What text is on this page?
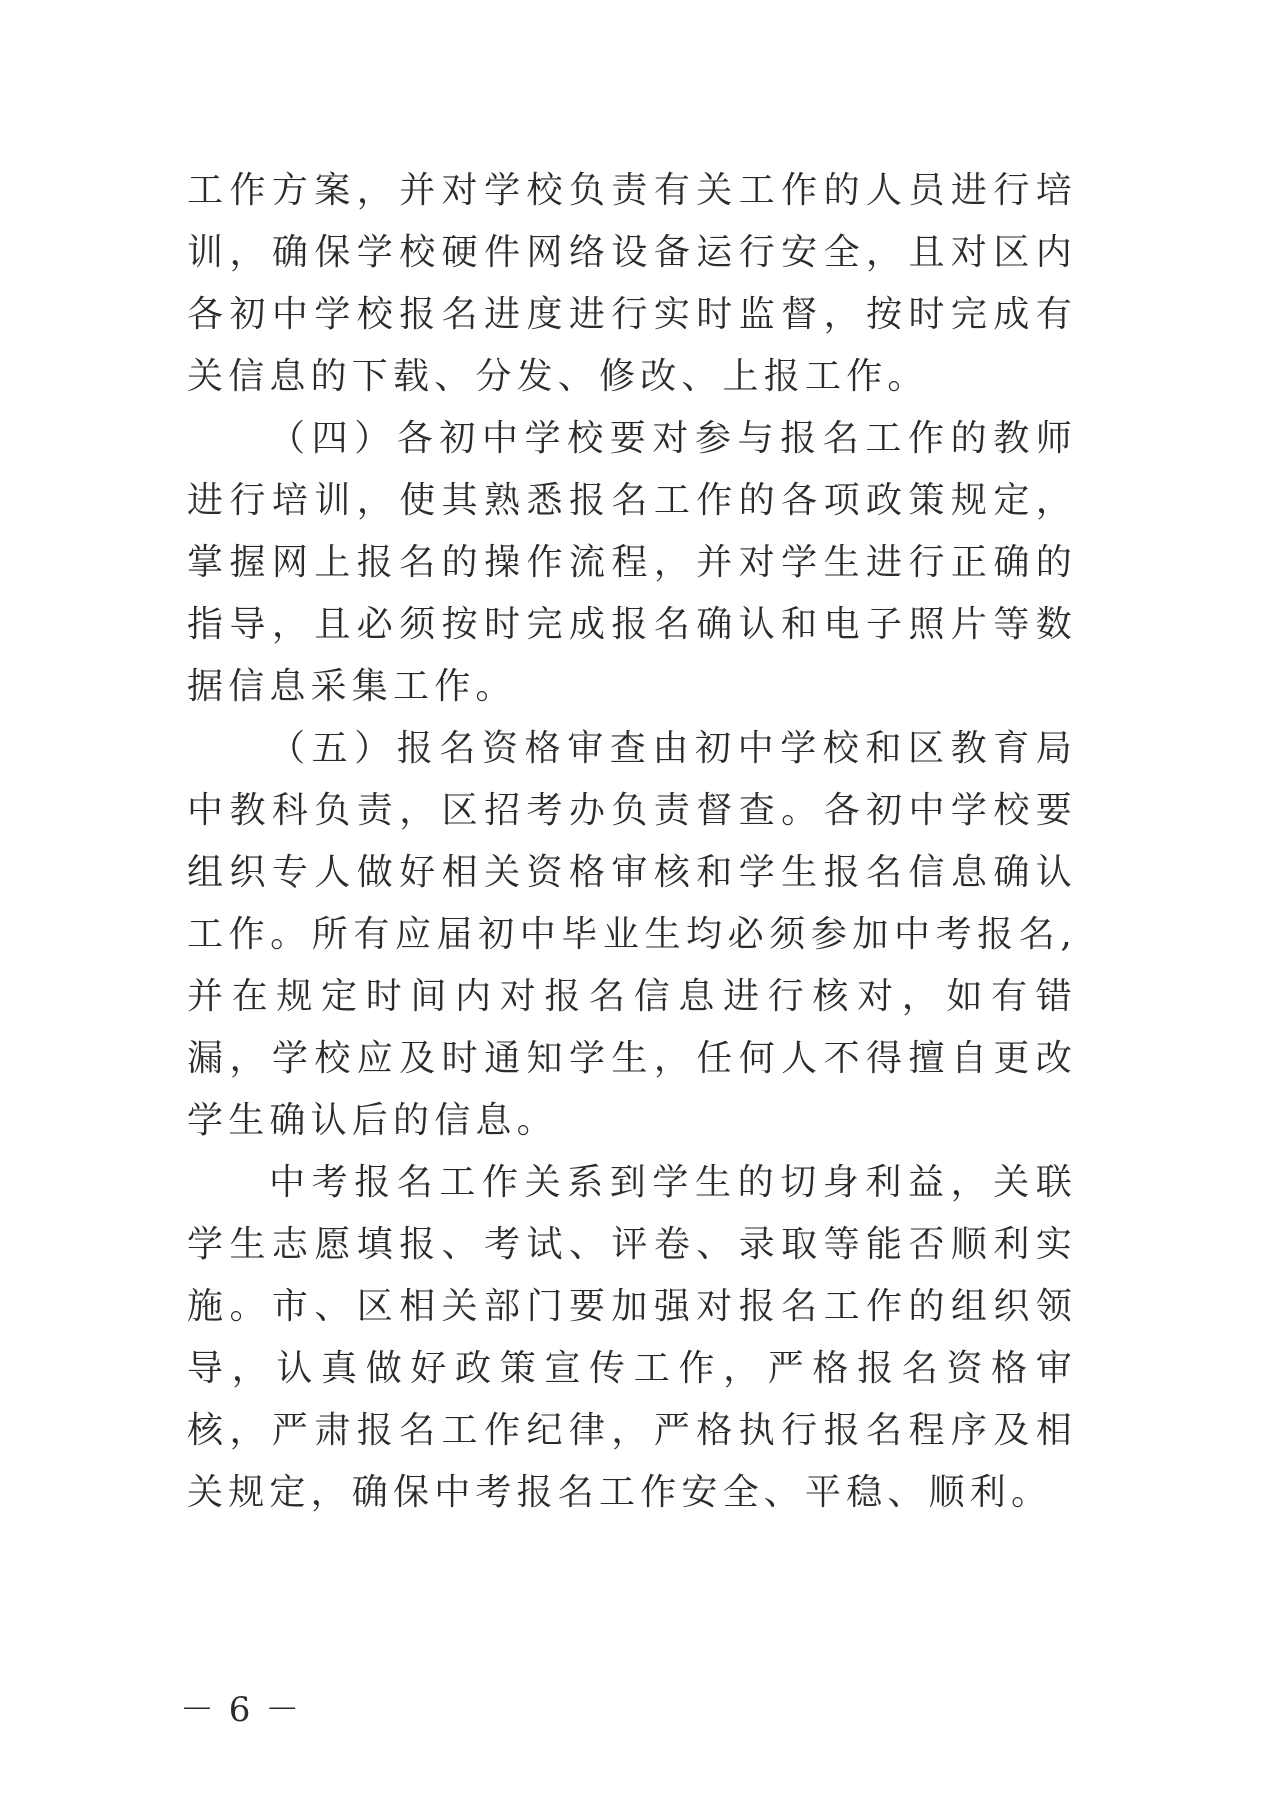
工作方案，并对学校负责有关工作的人员进行培训，确保学校硬件网络设备运行安全，且对区内各初中学校报名进度进行实时监督，按时完成有关信息的下载、分发、修改、上报工作。

（四）各初中学校要对参与报名工作的教师进行培训，使其熟悉报名工作的各项政策规定，掌握网上报名的操作流程，并对学生进行正确的指导，且必须按时完成报名确认和电子照片等数据信息采集工作。

（五）报名资格审查由初中学校和区教育局中教科负责，区招考办负责督查。各初中学校要组织专人做好相关资格审核和学生报名信息确认工作。所有应届初中毕业生均必须参加中考报名,并在规定时间内对报名信息进行核对，如有错漏，学校应及时通知学生，任何人不得擅自更改学生确认后的信息。

中考报名工作关系到学生的切身利益，关联学生志愿填报、考试、评卷、录取等能否顺利实施。市、区相关部门要加强对报名工作的组织领导，认真做好政策宣传工作，严格报名资格审核，严肃报名工作纪律，严格执行报名程序及相关规定，确保中考报名工作安全、平稳、顺利。

－ 6 －
